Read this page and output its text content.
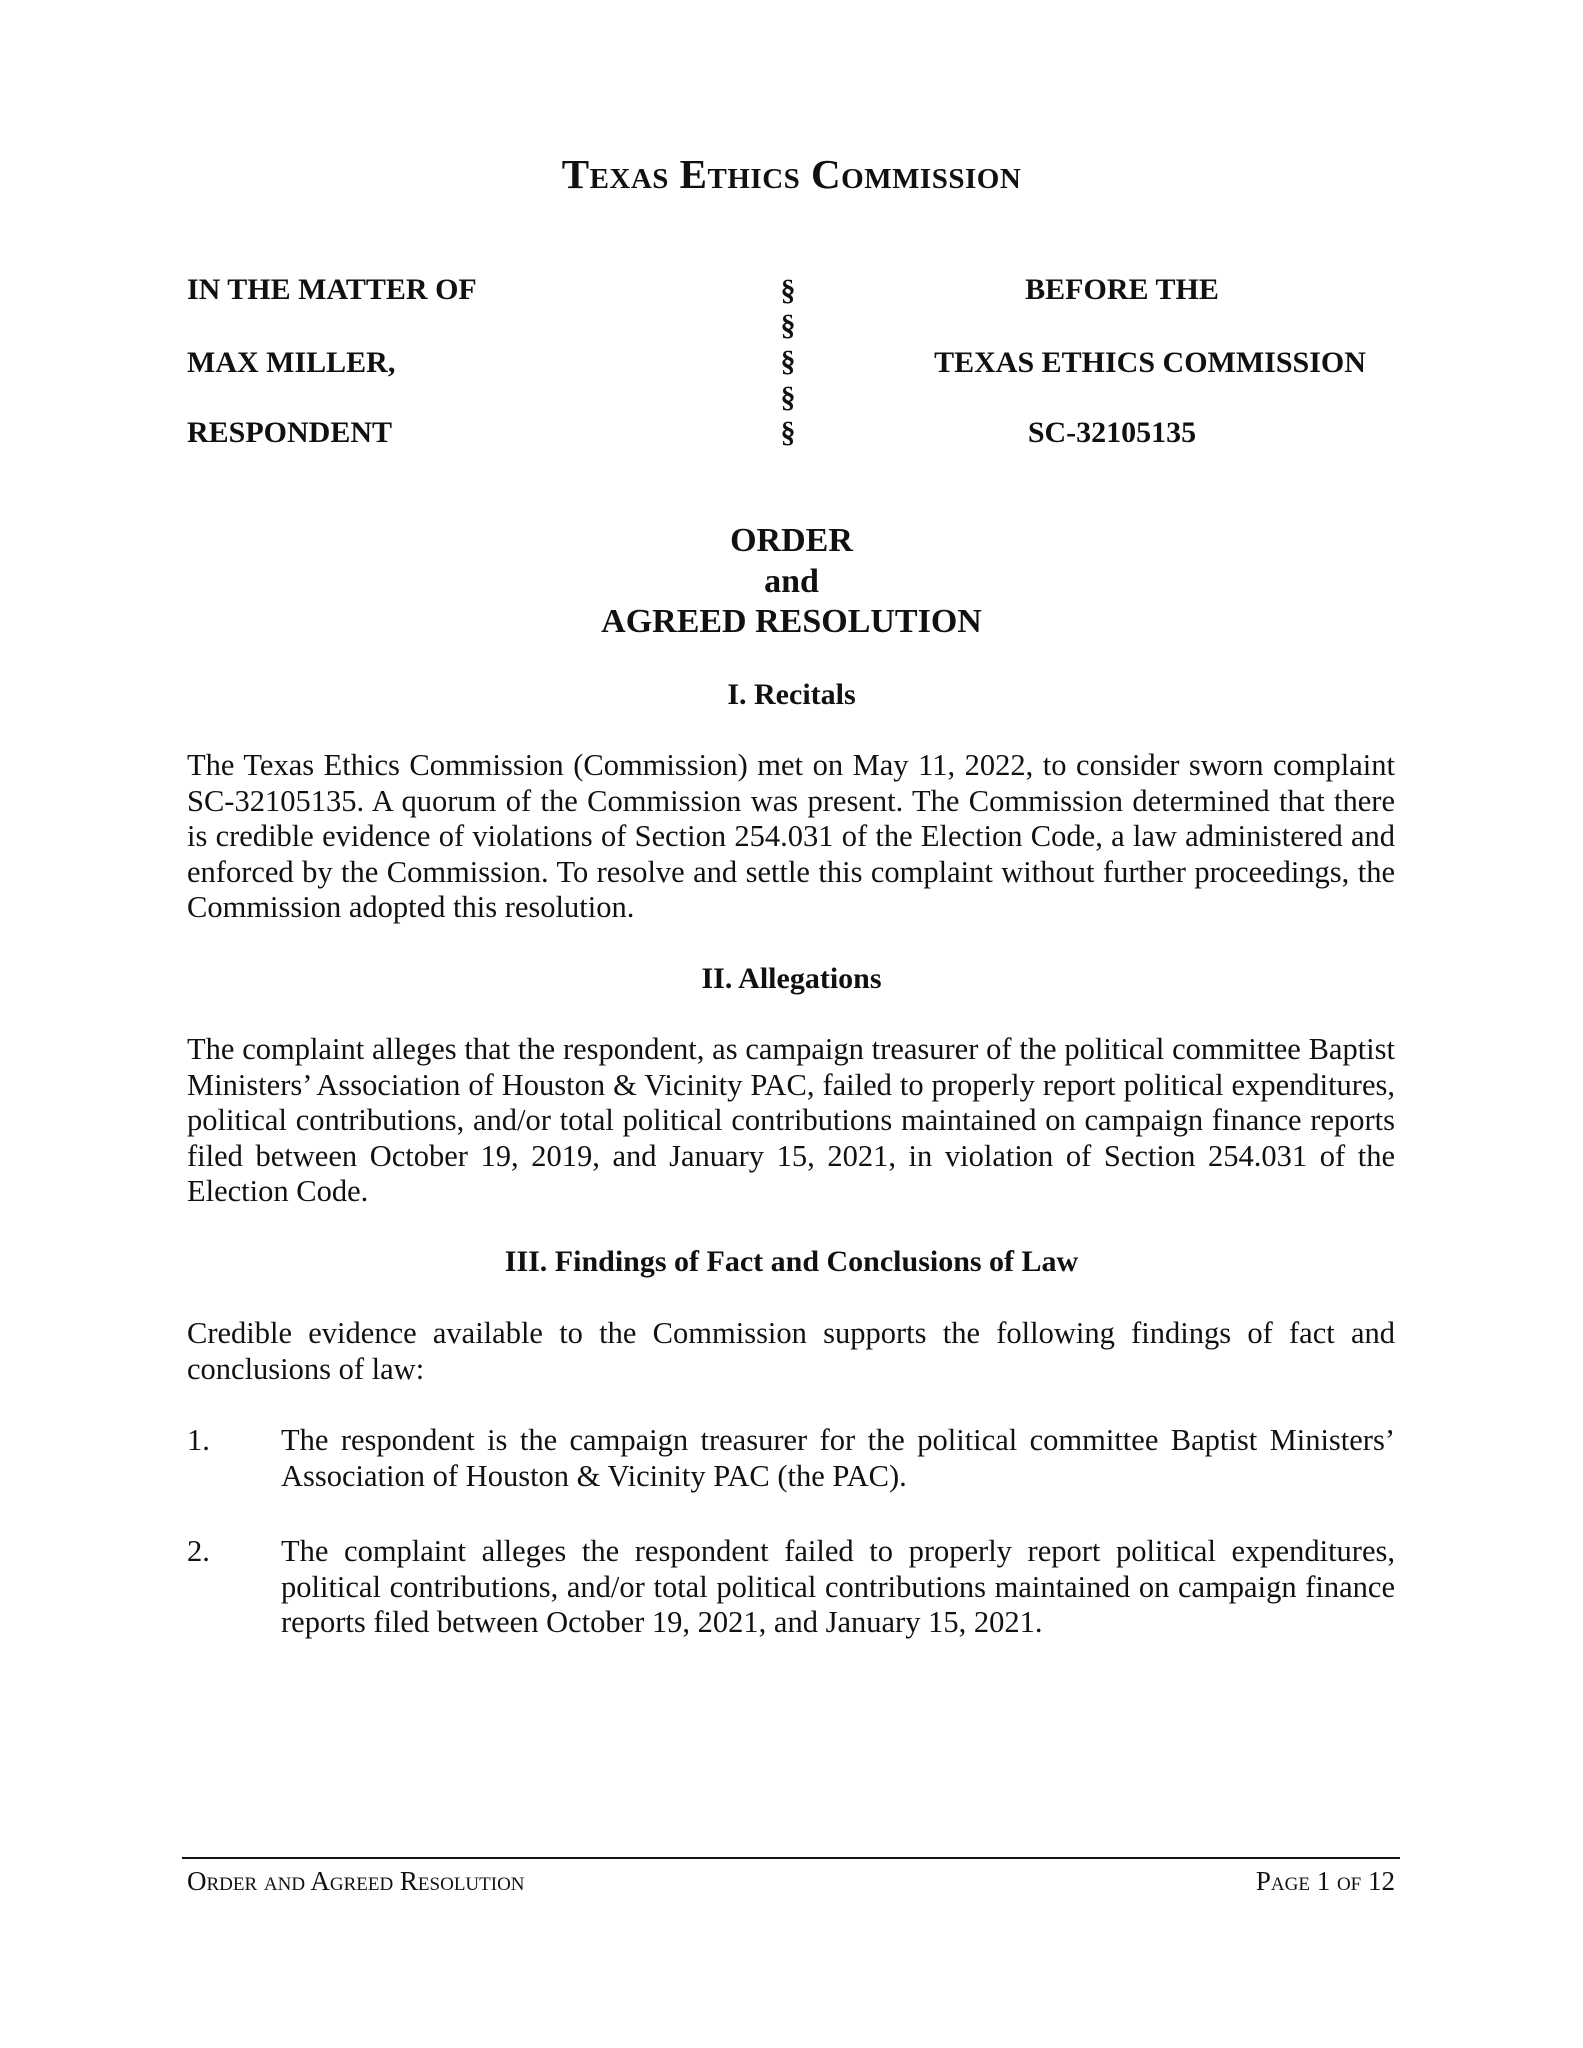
Texas Ethics Commission
IN THE MATTER OF
MAX MILLER,
RESPONDENT
§
§
§
§
§
BEFORE THE
TEXAS ETHICS COMMISSION
SC-32105135
ORDER
and
AGREED RESOLUTION
I. Recitals
The Texas Ethics Commission (Commission) met on May 11, 2022, to consider sworn complaint SC-32105135. A quorum of the Commission was present. The Commission determined that there is credible evidence of violations of Section 254.031 of the Election Code, a law administered and enforced by the Commission. To resolve and settle this complaint without further proceedings, the Commission adopted this resolution.
II. Allegations
The complaint alleges that the respondent, as campaign treasurer of the political committee Baptist Ministers’ Association of Houston & Vicinity PAC, failed to properly report political expenditures, political contributions, and/or total political contributions maintained on campaign finance reports filed between October 19, 2019, and January 15, 2021, in violation of Section 254.031 of the Election Code.
III. Findings of Fact and Conclusions of Law
Credible evidence available to the Commission supports the following findings of fact and conclusions of law:
1. The respondent is the campaign treasurer for the political committee Baptist Ministers’ Association of Houston & Vicinity PAC (the PAC).
2. The complaint alleges the respondent failed to properly report political expenditures, political contributions, and/or total political contributions maintained on campaign finance reports filed between October 19, 2021, and January 15, 2021.
Order and Agreed Resolution	Page 1 of 12
